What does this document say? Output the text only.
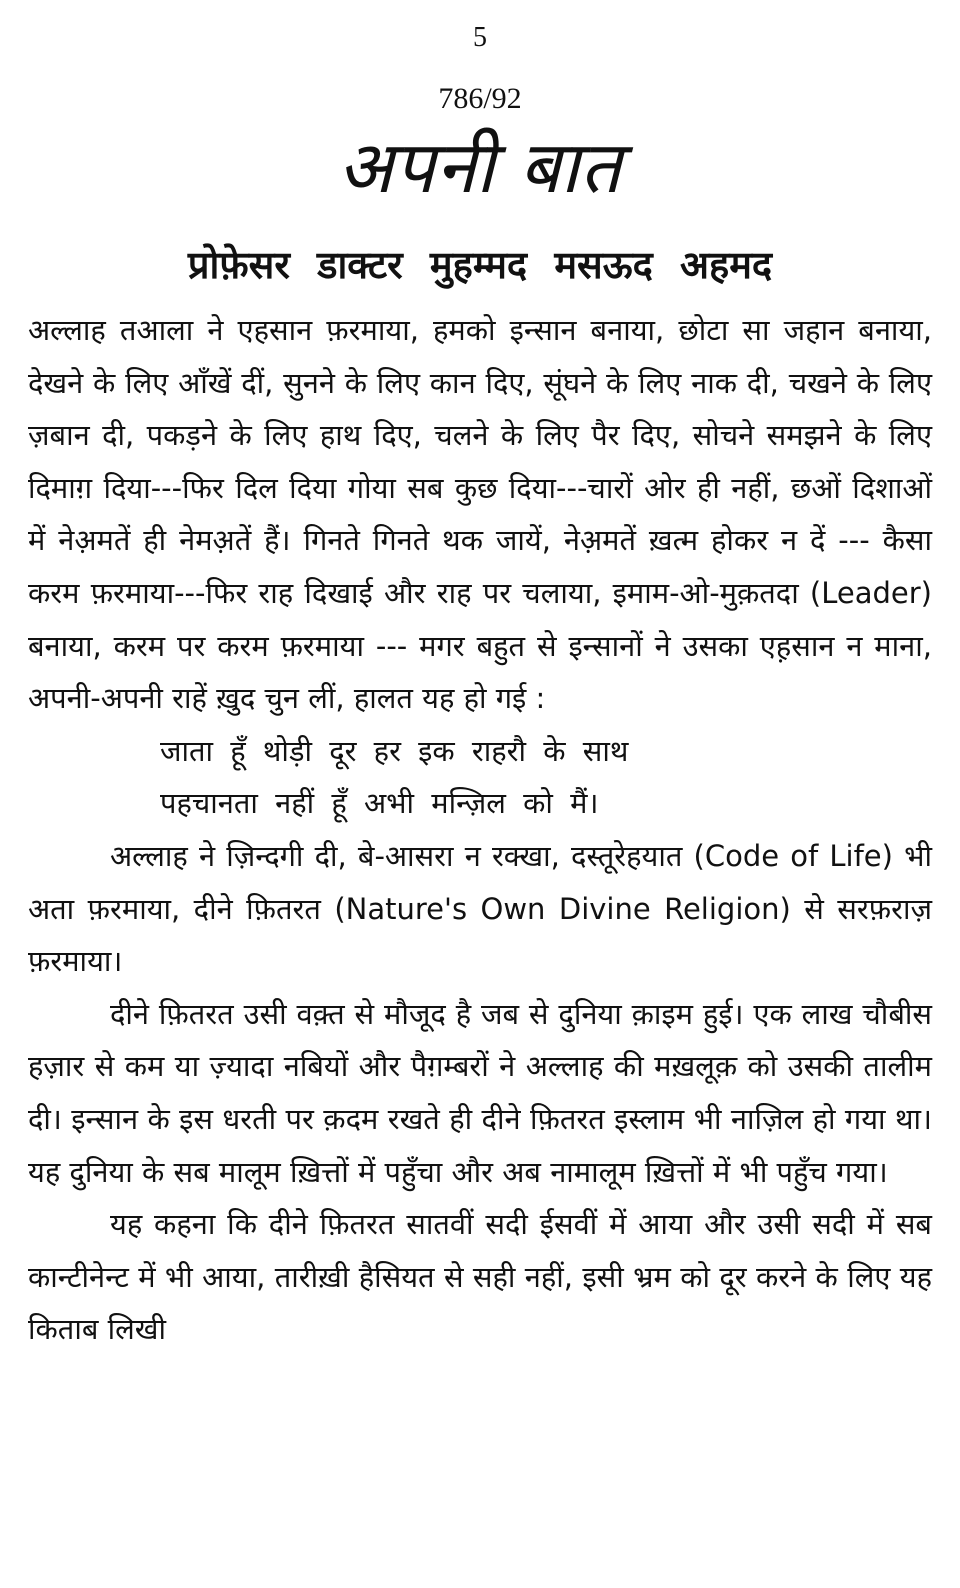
5
786/92
अपनी बात
प्रोफ़ेसर डाक्टर मुहम्मद मसऊद अहमद

अल्लाह तआला ने एहसान फ़रमाया, हमको इन्सान बनाया, छोटा सा जहान बनाया, देखने के लिए आँखें दीं, सुनने के लिए कान दिए, सूंघने के लिए नाक दी, चखने के लिए ज़बान दी, पकड़ने के लिए हाथ दिए, चलने के लिए पैर दिए, सोचने समझने के लिए दिमाग़ दिया---फिर दिल दिया गोया सब कुछ दिया---चारों ओर ही नहीं, छओं दिशाओं में नेअ़मतें ही नेमअ़तें हैं। गिनते गिनते थक जायें, नेअ़मतें ख़त्म होकर न दें --- कैसा करम फ़रमाया---फिर राह दिखाई और राह पर चलाया, इमाम-ओ-मुक़तदा (Leader) बनाया, करम पर करम फ़रमाया --- मगर बहुत से इन्सानों ने उसका एह़सान न माना, अपनी-अपनी राहें ख़ुद चुन लीं, हालत यह हो गई :

जाता हूँ थोड़ी दूर हर इक राहरौ के साथ

पहचानता नहीं हूँ अभी मन्ज़िल को मैं।

अल्लाह ने ज़िन्दगी दी, बे-आसरा न रक्खा, दस्तूरेहयात (Code of Life) भी अता फ़रमाया, दीने फ़ितरत (Nature's Own Divine Religion) से सरफ़राज़ फ़रमाया।

दीने फ़ितरत उसी वक़्त से मौजूद है जब से दुनिया क़ाइम हुई। एक लाख चौबीस हज़ार से कम या ज़्यादा नबियों और पैग़म्बरों ने अल्लाह की मख़लूक़ को उसकी तालीम दी। इन्सान के इस धरती पर क़दम रखते ही दीने फ़ितरत इस्लाम भी नाज़िल हो गया था। यह दुनिया के सब मालूम ख़ित्तों में पहुँचा और अब नामालूम ख़ित्तों में भी पहुँच गया।

यह कहना कि दीने फ़ितरत सातवीं सदी ईसवीं में आया और उसी सदी में सब कान्टीनेन्ट में भी आया, तारीख़ी हैसियत से सही नहीं, इसी भ्रम को दूर करने के लिए यह किताब लिखी
